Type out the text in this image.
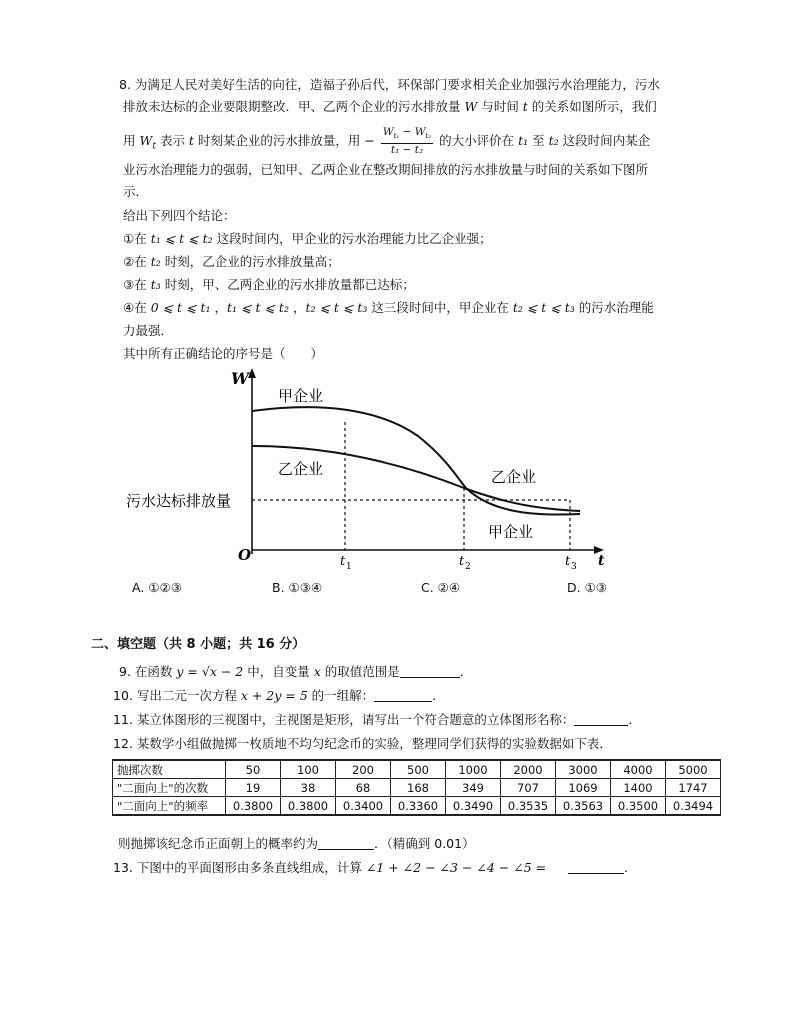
8. 为满足人民对美好生活的向往，造福子孙后代，环保部门要求相关企业加强污水治理能力，污水
排放未达标的企业要限期整改．甲、乙两个企业的污水排放量 W 与时间 t 的关系如图所示，我们
用 $W_t$ 表示 t 时刻某企业的污水排放量，用 − $\frac{W_{t_1} - W_{t_2}}{\text{t₁ − t₂}}$ 的大小评价在 t₁ 至 t₂ 这段时间内某企
业污水治理能力的强弱，已知甲、乙两企业在整改期间排放的污水排放量与时间的关系如下图所
示．
给出下列四个结论：
①在 t₁ ⩽ t ⩽ t₂ 这段时间内，甲企业的污水治理能力比乙企业强；
②在 t₂ 时刻，乙企业的污水排放量高；
③在 t₃ 时刻，甲、乙两企业的污水排放量都已达标；
④在 0 ⩽ t ⩽ t₁ ，t₁ ⩽ t ⩽ t₂ ，t₂ ⩽ t ⩽ t₃ 这三段时间中，甲企业在 t₂ ⩽ t ⩽ t₃ 的污水治理能
力最强．
其中所有正确结论的序号是（　　）
W
t
O
甲企业
乙企业	乙企业
甲企业
污水达标排放量
t 1	t 2	t 3
A. ①②③	B. ①③④	C. ②④	D. ①③
二、填空题（共 8 小题；共 16 分）
9. 在函数 y = √x − 2 中，自变量 x 的取值范围是	．
10. 写出二元一次方程 x + 2y = 5 的一组解：	．
11. 某立体图形的三视图中，主视图是矩形，请写出一个符合题意的立体图形名称：	．
12. 某数学小组做抛掷一枚质地不均匀纪念币的实验，整理同学们获得的实验数据如下表．
抛掷次数	50	100	200	500	1000	2000	3000	4000	5000
"二面向上"的次数	19	38	68	168	349	707	1069	1400	1747
"二面向上"的频率	0.3800	0.3800	0.3400	0.3360	0.3490	0.3535	0.3563	0.3500	0.3494
则抛掷该纪念币正面朝上的概率约为	．（精确到 0.01）
13. 下图中的平面图形由多条直线组成，计算 ∠1 + ∠2 − ∠3 − ∠4 − ∠5 =	．
